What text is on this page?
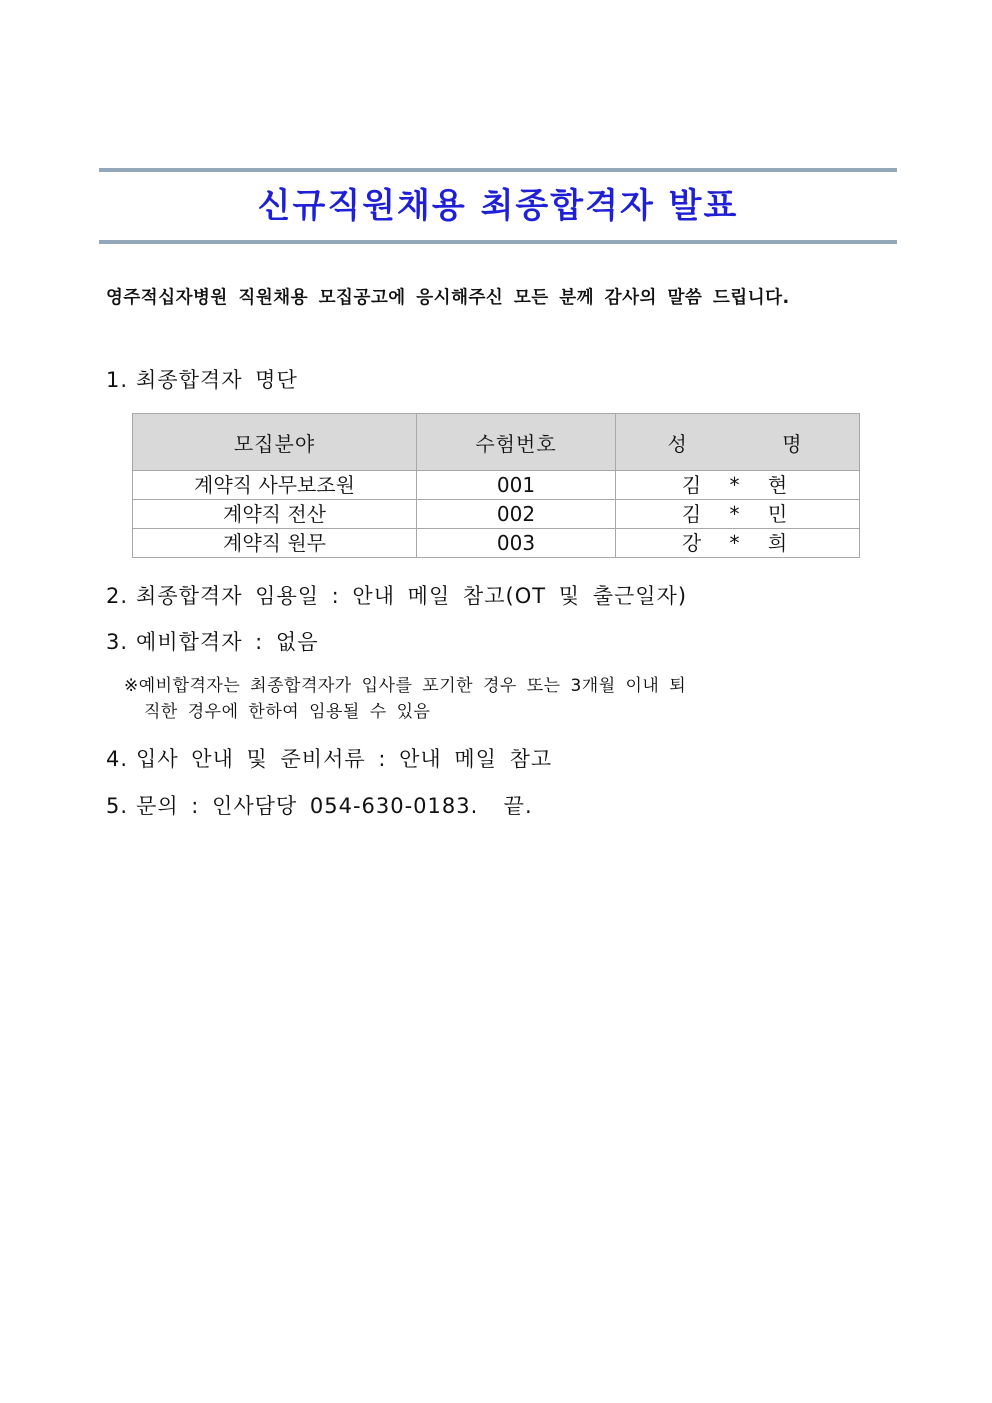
신규직원채용 최종합격자 발표
영주적십자병원 직원채용 모집공고에 응시해주신 모든 분께 감사의 말씀 드립니다.
1. 최종합격자 명단
모집분야	수험번호	성    명
계약직 사무보조원	001	김 * 현
계약직 전산	002	김 * 민
계약직 원무	003	강 * 희
2. 최종합격자 임용일 : 안내 메일 참고(OT 및 출근일자)
3. 예비합격자 : 없음
※예비합격자는 최종합격자가 입사를 포기한 경우 또는 3개월 이내 퇴
직한 경우에 한하여 임용될 수 있음
4. 입사 안내 및 준비서류 : 안내 메일 참고
5. 문의 : 인사담당 054-630-0183.  끝.
